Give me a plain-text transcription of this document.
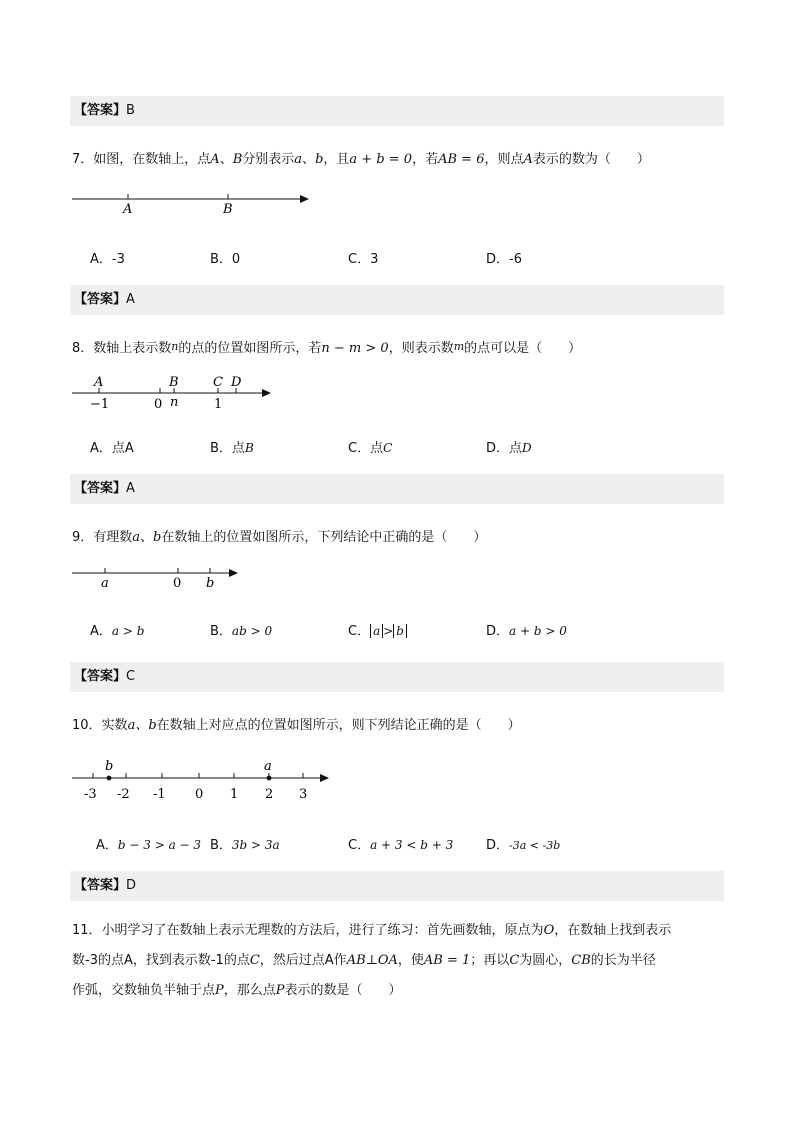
【答案】B
7．如图，在数轴上，点A、B分别表示a、b，且a + b = 0，若AB = 6，则点A表示的数为（　　）
A	B
A．-3	B．0	C．3	D．-6
【答案】A
8．数轴上表示数n的点的位置如图所示，若n − m > 0，则表示数m的点可以是（　　）
A	B	C D
−1	0 n	1
A．点A	B．点B	C．点C	D．点D
【答案】A
9．有理数a、b在数轴上的位置如图所示，下列结论中正确的是（　　）
a	0 b
A．a > b	B．ab > 0	C． a > b	D．a + b > 0
【答案】C
10．实数a、b在数轴上对应点的位置如图所示，则下列结论正确的是（　　）
b	a
-3 -2 -1 0 1 2 3
A．b − 3 > a − 3 B．3b > 3a	C．a + 3 < b + 3	D．-3a < -3b
【答案】D
11．小明学习了在数轴上表示无理数的方法后，进行了练习：首先画数轴，原点为O，在数轴上找到表示
数-3的点A，找到表示数-1的点C，然后过点A作AB⊥OA，使AB = 1；再以C为圆心，CB的长为半径
作弧，交数轴负半轴于点P，那么点P表示的数是（　　）
